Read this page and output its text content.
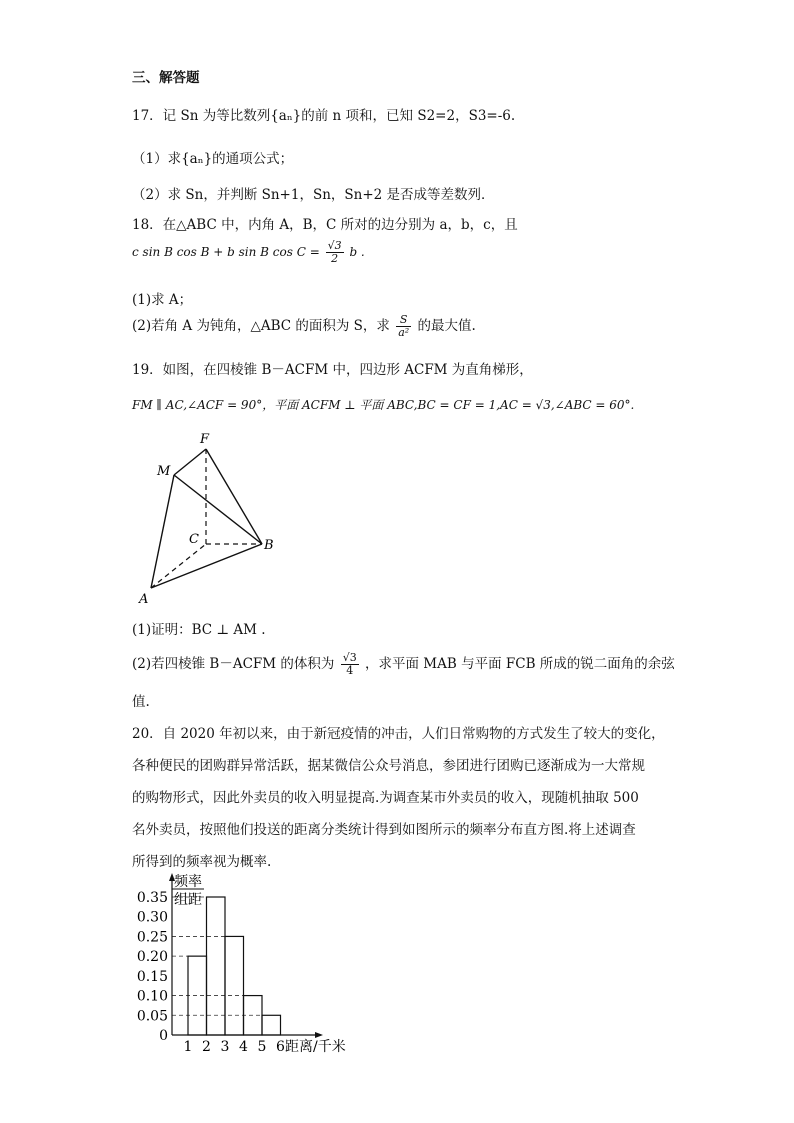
三、解答题
17．记 Sn 为等比数列{aₙ}的前 n 项和，已知 S2=2，S3=-6.
（1）求{aₙ}的通项公式；
（2）求 Sn，并判断 Sn+1，Sn，Sn+2 是否成等差数列．
18．在△ABC 中，内角 A，B，C 所对的边分别为 a，b，c，且
c sin B cos B + b sin B $\cos C = \frac{√3}{2}$ b .
(1)求 A；
(2)若角 A 为钝角，△ABC 的面积为 S，求 $\frac{S}{\text{a²}}$ 的最大值.
19．如图，在四棱锥 B－ACFM 中，四边形 ACFM 为直角梯形，
FM ∥ AC,∠ACF = 90°，平面 ACFM ⊥ 平面 ABC,BC = CF = 1,AC = √3,∠ABC = 60°.
F
M
C	B
A
(1)证明：BC ⊥ AM .
(2)若四棱锥 B－ACFM 的体积为 $\frac{√3}{4}$ ，求平面 MAB 与平面 FCB 所成的锐二面角的余弦
值.
20．自 2020 年初以来，由于新冠疫情的冲击，人们日常购物的方式发生了较大的变化，
各种便民的团购群异常活跃，据某微信公众号消息，参团进行团购已逐渐成为一大常规
的购物形式，因此外卖员的收入明显提高.为调查某市外卖员的收入，现随机抽取 500
名外卖员，按照他们投送的距离分类统计得到如图所示的频率分布直方图.将上述调查
所得到的频率视为概率.
频率
组距
0
0.05
0.10
0.15
0.20
0.25
0.30
0.35
1 2 3 4 5 6 距离/千米
